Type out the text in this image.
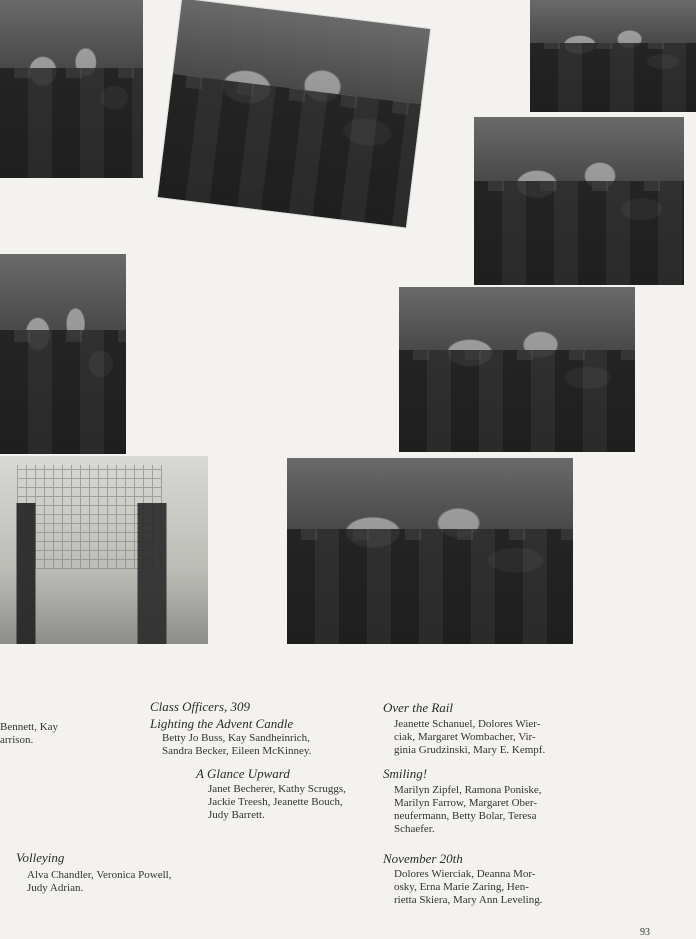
Bennett, Kay
arrison.
Class Officers, 309
Lighting the Advent Candle
Betty Jo Buss, Kay Sandheinrich,
Sandra Becker, Eileen McKinney.
A Glance Upward
Janet Becherer, Kathy Scruggs,
Jackie Treesh, Jeanette Bouch,
Judy Barrett.
Volleying
Alva Chandler, Veronica Powell,
Judy Adrian.
Over the Rail
Jeanette Schanuel, Dolores Wier-
ciak, Margaret Wombacher, Vir-
ginia Grudzinski, Mary E. Kempf.
Smiling!
Marilyn Zipfel, Ramona Poniske,
Marilyn Farrow, Margaret Ober-
neufermann, Betty Bolar, Teresa
Schaefer.
November 20th
Dolores Wierciak, Deanna Mor-
osky, Erna Marie Zaring, Hen-
rietta Skiera, Mary Ann Leveling.
93
